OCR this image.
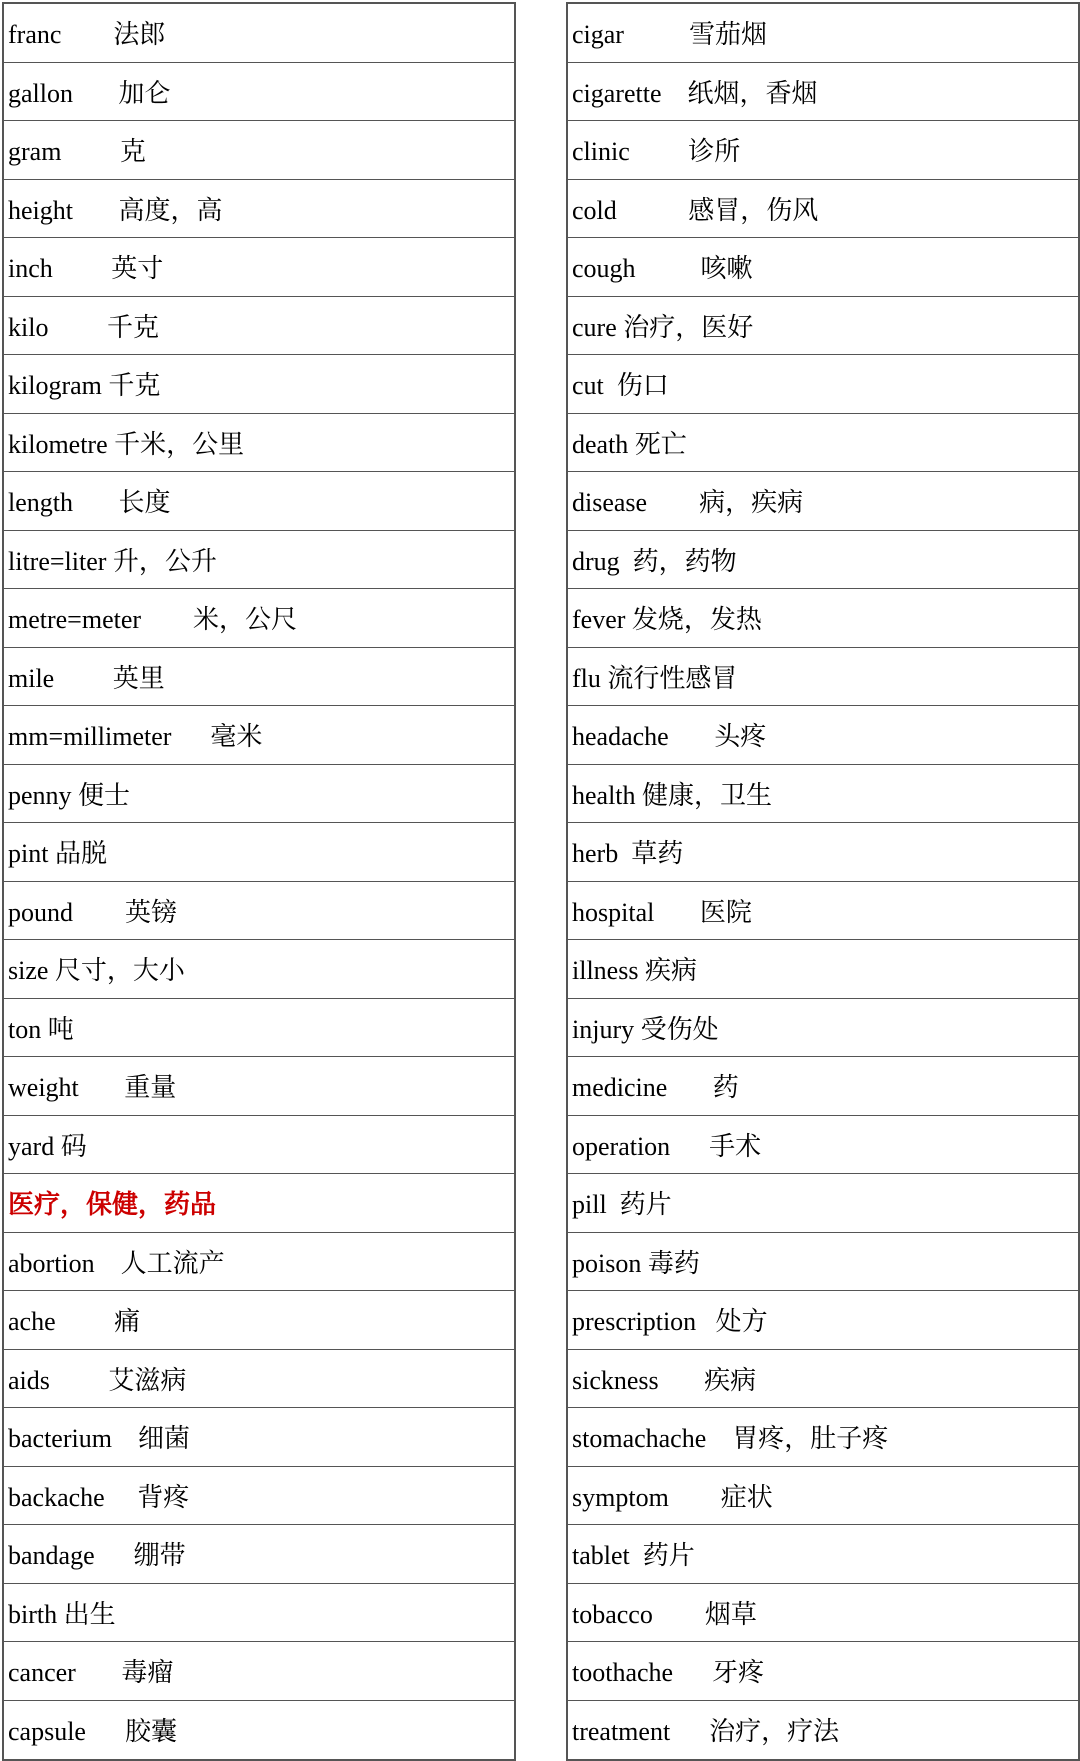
franc        法郎
gallon       加仑
gram         克
height       高度，高
inch         英寸
kilo         千克
kilogram 千克
kilometre 千米，公里
length       长度
litre=liter 升，公升
metre=meter        米，公尺
mile         英里
mm=millimeter      毫米
penny 便士
pint 品脱
pound        英镑
size 尺寸，大小
ton 吨
weight       重量
yard 码
医疗，保健，药品
abortion    人工流产
ache         痛
aids         艾滋病
bacterium    细菌
backache     背疼
bandage      绷带
birth 出生
cancer       毒瘤
capsule      胶囊
cigar          雪茄烟
cigarette    纸烟，香烟
clinic         诊所
cold           感冒，伤风
cough          咳嗽
cure 治疗，医好
cut  伤口
death 死亡
disease        病，疾病
drug  药，药物
fever 发烧，发热
flu 流行性感冒
headache       头疼
health 健康，卫生
herb  草药
hospital       医院
illness 疾病
injury 受伤处
medicine       药
operation      手术
pill  药片
poison 毒药
prescription   处方
sickness       疾病
stomachache    胃疼，肚子疼
symptom        症状
tablet  药片
tobacco        烟草
toothache      牙疼
treatment      治疗，疗法
